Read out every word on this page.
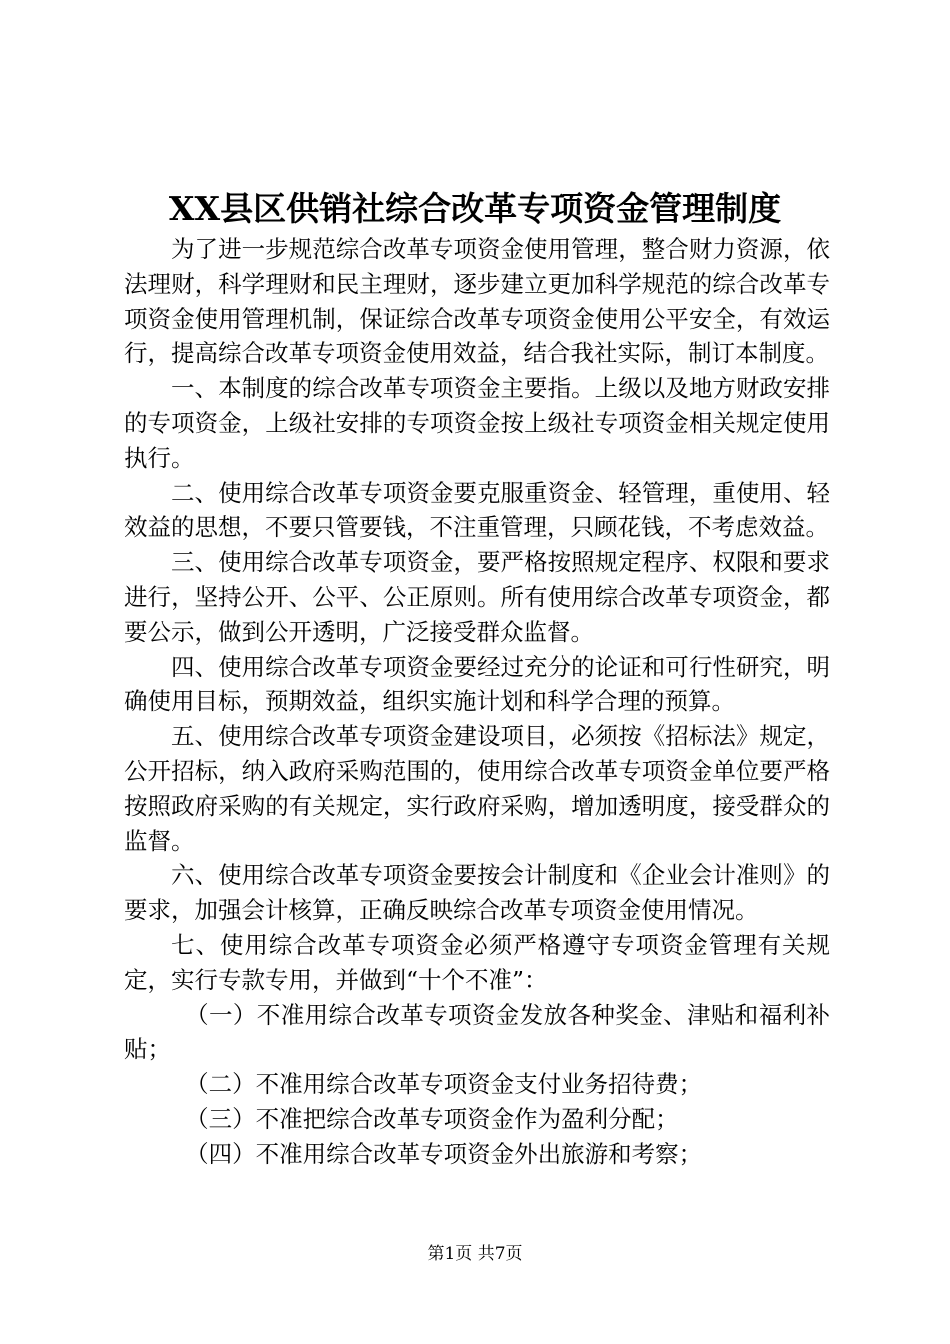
XX县区供销社综合改革专项资金管理制度

为了进一步规范综合改革专项资金使用管理，整合财力资源，依法理财，科学理财和民主理财，逐步建立更加科学规范的综合改革专项资金使用管理机制，保证综合改革专项资金使用公平安全，有效运行，提高综合改革专项资金使用效益，结合我社实际，制订本制度。

一、本制度的综合改革专项资金主要指。上级以及地方财政安排的专项资金，上级社安排的专项资金按上级社专项资金相关规定使用执行。

二、使用综合改革专项资金要克服重资金、轻管理，重使用、轻效益的思想，不要只管要钱，不注重管理，只顾花钱，不考虑效益。

三、使用综合改革专项资金，要严格按照规定程序、权限和要求进行，坚持公开、公平、公正原则。所有使用综合改革专项资金，都要公示，做到公开透明，广泛接受群众监督。

四、使用综合改革专项资金要经过充分的论证和可行性研究，明确使用目标，预期效益，组织实施计划和科学合理的预算。

五、使用综合改革专项资金建设项目，必须按《招标法》规定，公开招标，纳入政府采购范围的，使用综合改革专项资金单位要严格按照政府采购的有关规定，实行政府采购，增加透明度，接受群众的监督。

六、使用综合改革专项资金要按会计制度和《企业会计准则》的要求，加强会计核算，正确反映综合改革专项资金使用情况。

七、使用综合改革专项资金必须严格遵守专项资金管理有关规定，实行专款专用，并做到“十个不准”：

（一）不准用综合改革专项资金发放各种奖金、津贴和福利补贴；

（二）不准用综合改革专项资金支付业务招待费；

（三）不准把综合改革专项资金作为盈利分配；

（四）不准用综合改革专项资金外出旅游和考察；

第1页 共7页
